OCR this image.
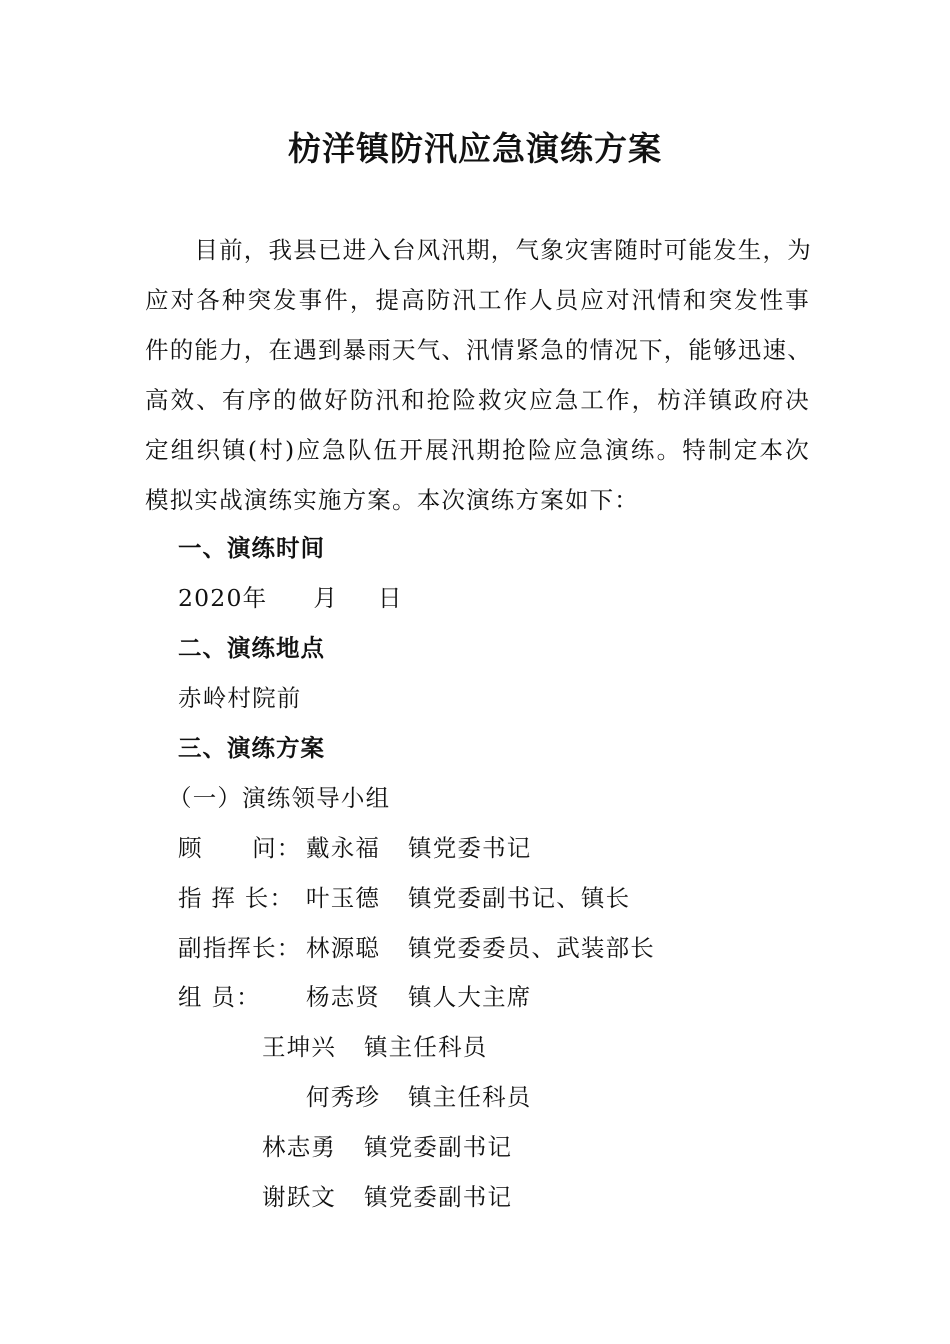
枋洋镇防汛应急演练方案
　　目前，我县已进入台风汛期，气象灾害随时可能发生，为
应对各种突发事件，提高防汛工作人员应对汛情和突发性事
件的能力，在遇到暴雨天气、汛情紧急的情况下，能够迅速、
高效、有序的做好防汛和抢险救灾应急工作，枋洋镇政府决
定组织镇(村)应急队伍开展汛期抢险应急演练。特制定本次
模拟实战演练实施方案。本次演练方案如下：
一、演练时间
2020年 月 日
二、演练地点
赤岭村院前
三、演练方案
（一）演练领导小组
顾　　问： 戴永福 镇党委书记
指 挥 长： 叶玉德 镇党委副书记、镇长
副指挥长： 林源聪 镇党委委员、武装部长
组 员： 杨志贤 镇人大主席
王坤兴 镇主任科员
何秀珍 镇主任科员
林志勇 镇党委副书记
谢跃文 镇党委副书记
